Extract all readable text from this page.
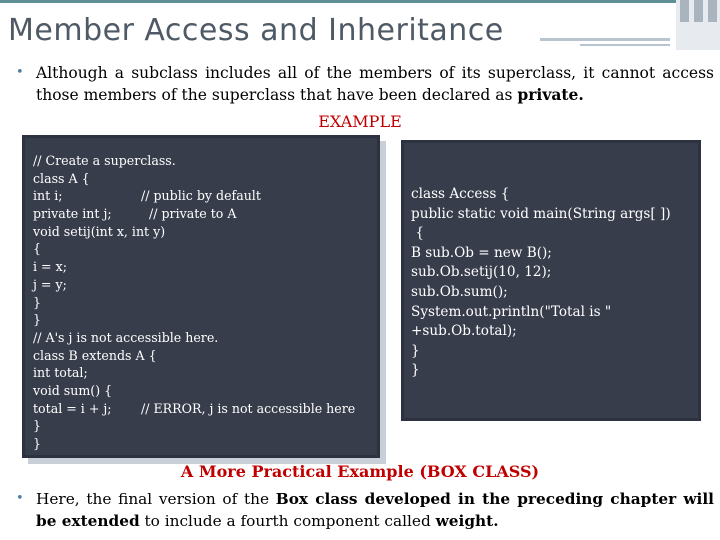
Member Access and Inheritance
• Although a subclass includes all of the members of its superclass, it cannot access those members of the superclass that have been declared as private.
EXAMPLE
// Create a superclass.
class A {
int i;	// public by default
private int j;	// private to A
void setij(int x, int y)
{
i = x;
j = y;
}
}
// A's j is not accessible here.
class B extends A {
int total;
void sum() {
total = i + j; // ERROR, j is not accessible here
}
}
class Access {
public static void main(String args[ ])
{
B sub.Ob = new B();
sub.Ob.setij(10, 12);
sub.Ob.sum();
System.out.println("Total is "
+sub.Ob.total);
}
}
A More Practical Example (BOX CLASS)
• Here, the final version of the Box class developed in the preceding chapter will be extended to include a fourth component called weight.
